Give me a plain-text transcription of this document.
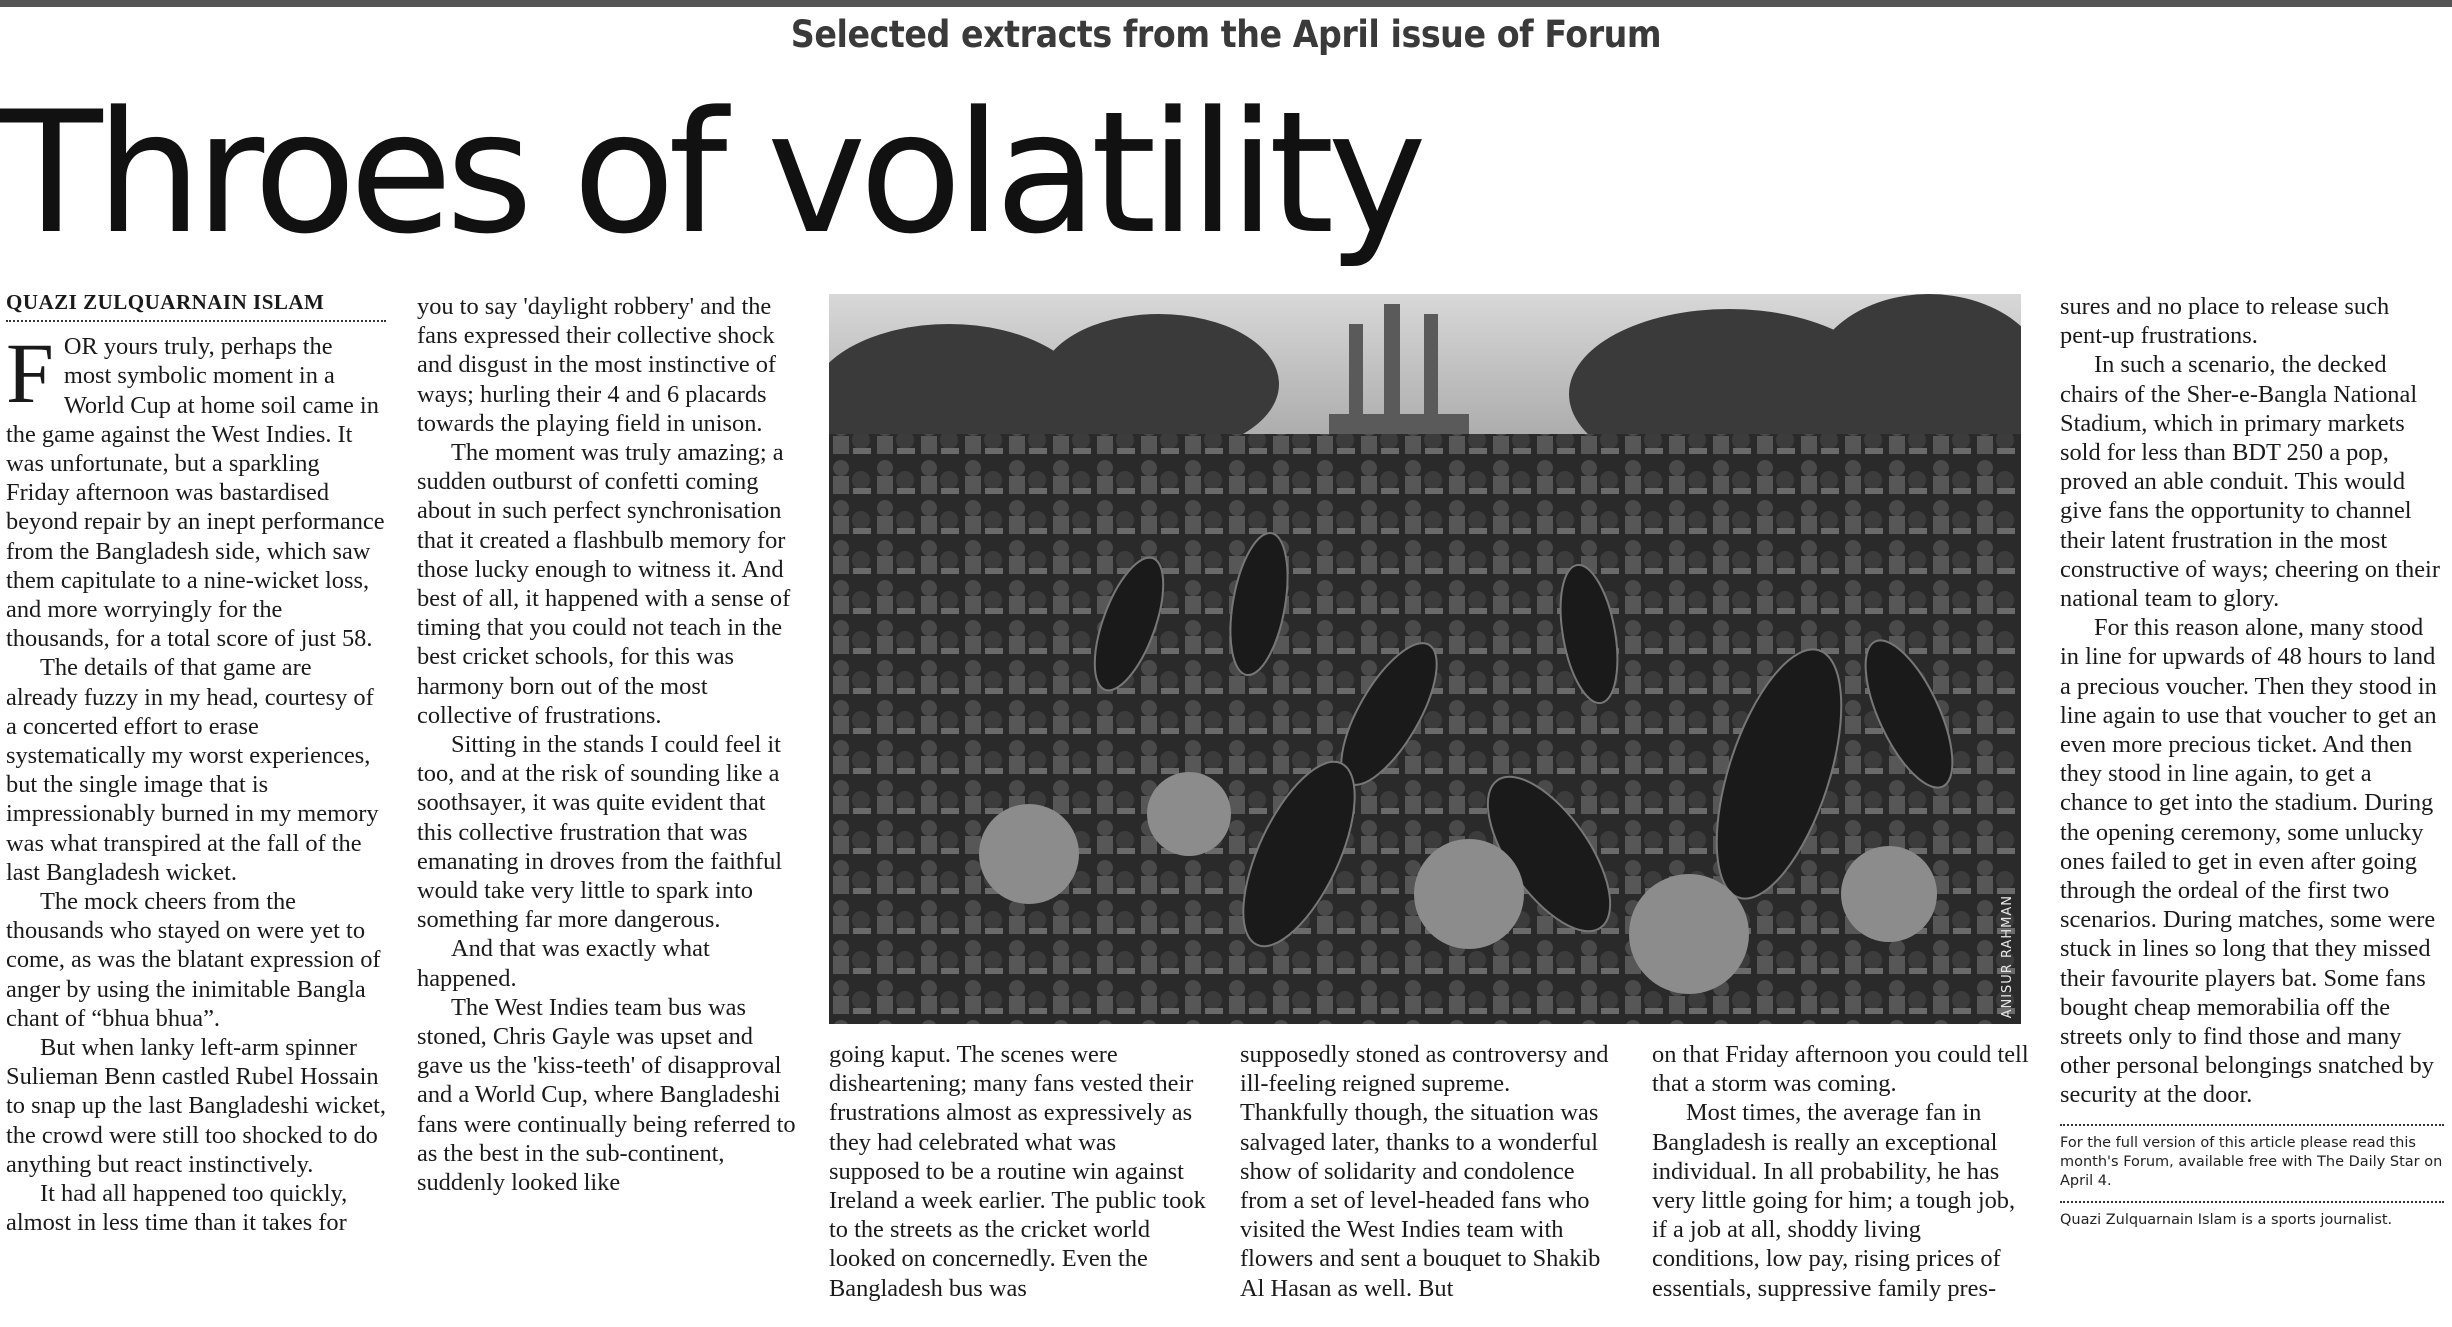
Selected extracts from the April issue of Forum
Throes of volatility
QUAZI ZULQUARNAIN ISLAM

FOR yours truly, perhaps the most symbolic moment in a World Cup at home soil came in the game against the West Indies. It was unfortunate, but a sparkling Friday afternoon was bastardised beyond repair by an inept performance from the Bangladesh side, which saw them capitulate to a nine-wicket loss, and more worryingly for the thousands, for a total score of just 58.

The details of that game are already fuzzy in my head, courtesy of a concerted effort to erase systematically my worst experiences, but the single image that is impressionably burned in my memory was what transpired at the fall of the last Bangladesh wicket.

The mock cheers from the thousands who stayed on were yet to come, as was the blatant expression of anger by using the inimitable Bangla chant of “bhua bhua”.

But when lanky left-arm spinner Sulieman Benn castled Rubel Hossain to snap up the last Bangladeshi wicket, the crowd were still too shocked to do anything but react instinctively.

It had all happened too quickly, almost in less time than it takes for

you to say 'daylight robbery' and the fans expressed their collective shock and disgust in the most instinctive of ways; hurling their 4 and 6 placards towards the playing field in unison.

The moment was truly amazing; a sudden outburst of confetti coming about in such perfect synchronisation that it created a flashbulb memory for those lucky enough to witness it. And best of all, it happened with a sense of timing that you could not teach in the best cricket schools, for this was harmony born out of the most collective of frustrations.

Sitting in the stands I could feel it too, and at the risk of sounding like a soothsayer, it was quite evident that this collective frustration that was emanating in droves from the faithful would take very little to spark into something far more dangerous.

And that was exactly what happened.

The West Indies team bus was stoned, Chris Gayle was upset and gave us the 'kiss-teeth' of disapproval and a World Cup, where Bangladeshi fans were continually being referred to as the best in the sub-continent, suddenly looked like

ANISUR RAHMAN

going kaput. The scenes were disheartening; many fans vested their frustrations almost as expressively as they had celebrated what was supposed to be a routine win against Ireland a week earlier. The public took to the streets as the cricket world looked on concernedly. Even the Bangladesh bus was

supposedly stoned as controversy and ill-feeling reigned supreme. Thankfully though, the situation was salvaged later, thanks to a wonderful show of solidarity and condolence from a set of level-headed fans who visited the West Indies team with flowers and sent a bouquet to Shakib Al Hasan as well. But

on that Friday afternoon you could tell that a storm was coming.

Most times, the average fan in Bangladesh is really an exceptional individual. In all probability, he has very little going for him; a tough job, if a job at all, shoddy living conditions, low pay, rising prices of essentials, suppressive family pres-

sures and no place to release such pent-up frustrations.

In such a scenario, the decked chairs of the Sher-e-Bangla National Stadium, which in primary markets sold for less than BDT 250 a pop, proved an able conduit. This would give fans the opportunity to channel their latent frustration in the most constructive of ways; cheering on their national team to glory.

For this reason alone, many stood in line for upwards of 48 hours to land a precious voucher. Then they stood in line again to use that voucher to get an even more precious ticket. And then they stood in line again, to get a chance to get into the stadium. During the opening ceremony, some unlucky ones failed to get in even after going through the ordeal of the first two scenarios. During matches, some were stuck in lines so long that they missed their favourite players bat. Some fans bought cheap memorabilia off the streets only to find those and many other personal belongings snatched by security at the door.

For the full version of this article please read this month's Forum, available free with The Daily Star on April 4.
Quazi Zulquarnain Islam is a sports journalist.
